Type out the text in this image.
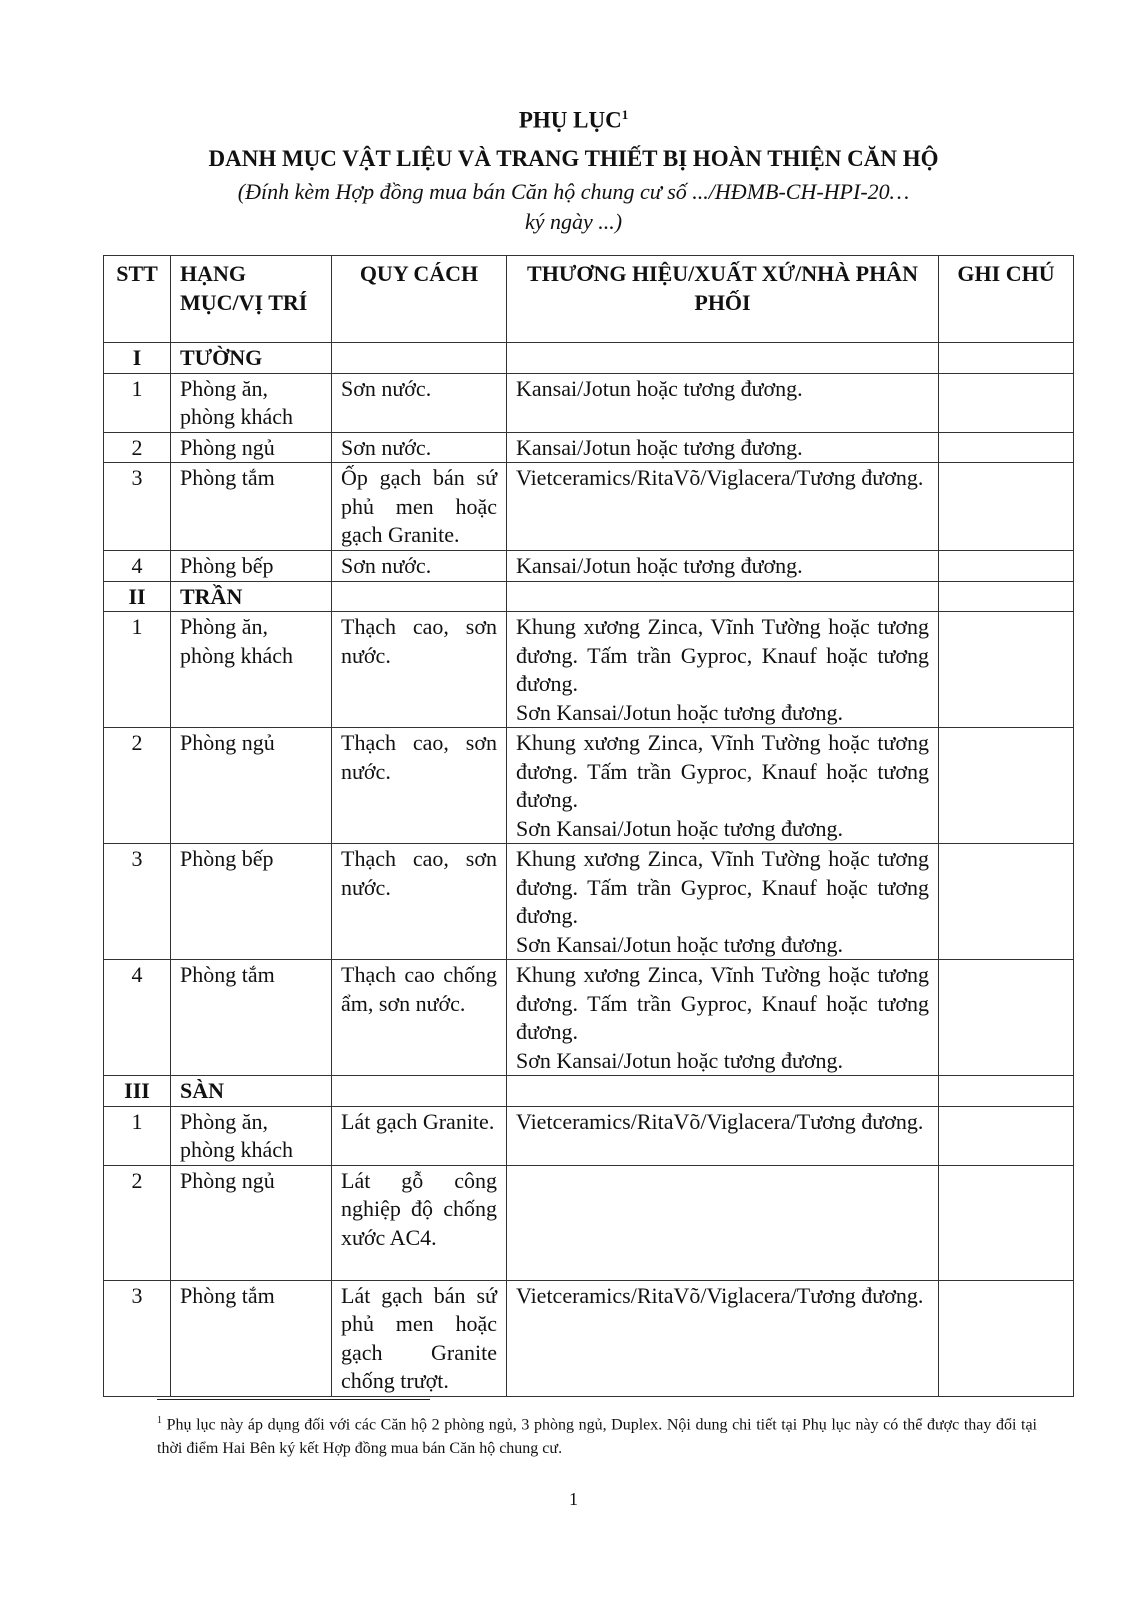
PHỤ LỤC$^1$
DANH MỤC VẬT LIỆU VÀ TRANG THIẾT BỊ HOÀN THIỆN CĂN HỘ
(Đính kèm Hợp đồng mua bán Căn hộ chung cư số .../HĐMB-CH-HPI-20…
ký ngày ...)
STT	HẠNG MỤC/VỊ TRÍ	QUY CÁCH	THƯƠNG HIỆU/XUẤT XỨ/NHÀ PHÂN PHỐI	GHI CHÚ
I	TƯỜNG			
1	Phòng ăn, phòng khách	Sơn nước.	Kansai/Jotun hoặc tương đương.	

2	Phòng ngủ	Sơn nước.	Kansai/Jotun hoặc tương đương.	

3	Phòng tắm	Ốp gạch bán sứ phủ men hoặc gạch Granite.	Vietceramics/RitaVõ/Viglacera/Tương đương.	

4	Phòng bếp	Sơn nước.	Kansai/Jotun hoặc tương đương.	

II	TRẦN			
1	Phòng ăn, phòng khách	Thạch cao, sơn nước.	Khung xương Zinca, Vĩnh Tường hoặc tương đương. Tấm trần Gyproc, Knauf hoặc tương đương.
Sơn Kansai/Jotun hoặc tương đương.	

2	Phòng ngủ	Thạch cao, sơn nước.	Khung xương Zinca, Vĩnh Tường hoặc tương đương. Tấm trần Gyproc, Knauf hoặc tương đương.
Sơn Kansai/Jotun hoặc tương đương.	

3	Phòng bếp	Thạch cao, sơn nước.	Khung xương Zinca, Vĩnh Tường hoặc tương đương. Tấm trần Gyproc, Knauf hoặc tương đương.
Sơn Kansai/Jotun hoặc tương đương.	

4	Phòng tắm	Thạch cao chống ẩm, sơn nước.	Khung xương Zinca, Vĩnh Tường hoặc tương đương. Tấm trần Gyproc, Knauf hoặc tương đương.
Sơn Kansai/Jotun hoặc tương đương.	

III	SÀN			
1	Phòng ăn, phòng khách	Lát gạch Granite.	Vietceramics/RitaVõ/Viglacera/Tương đương.	

2	Phòng ngủ	Lát gỗ công nghiệp độ chống xước AC4.	

3	Phòng tắm	Lát gạch bán sứ phủ men hoặc gạch Granite chống trượt.	Vietceramics/RitaVõ/Viglacera/Tương đương.	

$^1$ Phụ lục này áp dụng đối với các Căn hộ 2 phòng ngủ, 3 phòng ngủ, Duplex. Nội dung chi tiết tại Phụ lục này có thể được thay đổi tại thời điểm Hai Bên ký kết Hợp đồng mua bán Căn hộ chung cư.
1
